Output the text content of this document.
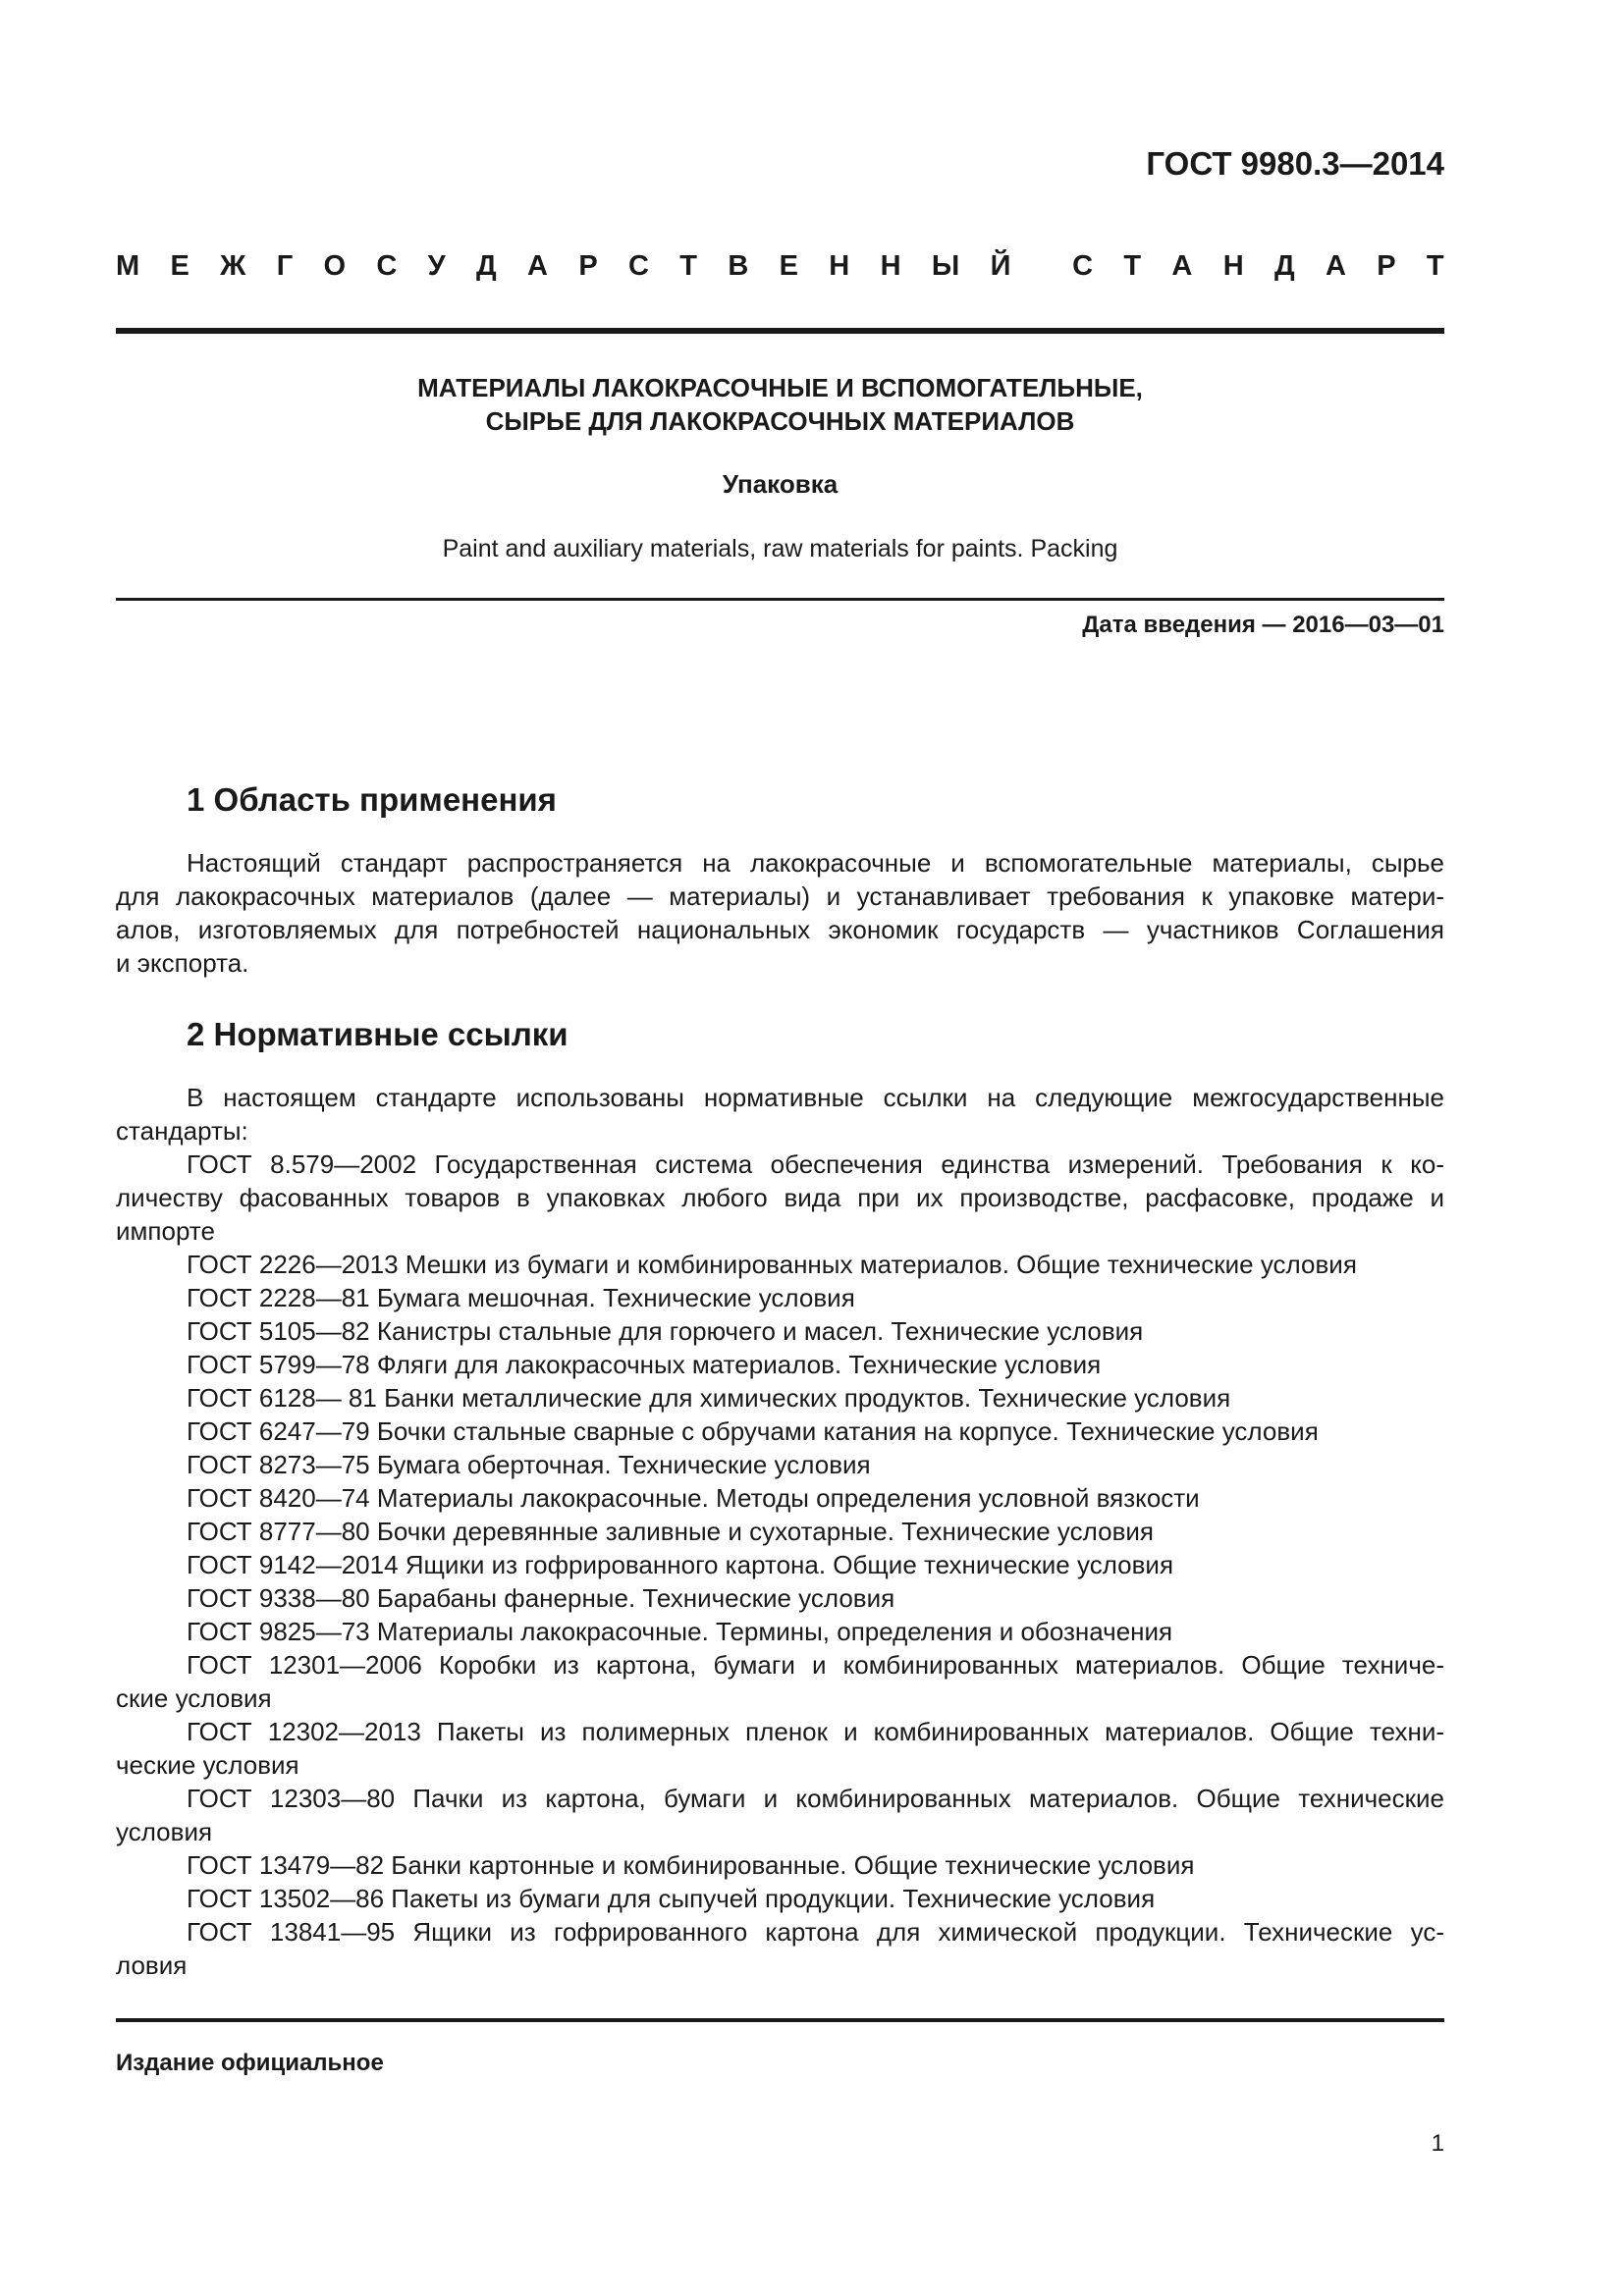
ГОСТ 9980.3—2014
М Е Ж Г О С У Д А Р С Т В Е Н Н Ы Й С Т А Н Д А Р Т
МАТЕРИАЛЫ ЛАКОКРАСОЧНЫЕ И ВСПОМОГАТЕЛЬНЫЕ,
СЫРЬЕ ДЛЯ ЛАКОКРАСОЧНЫХ МАТЕРИАЛОВ
Упаковка
Paint and auxiliary materials, raw materials for paints. Packing
Дата введения — 2016—03—01
1 Область применения
Настоящий стандарт распространяется на лакокрасочные и вспомогательные материалы, сырье
для лакокрасочных материалов (далее — материалы) и устанавливает требования к упаковке матери-
алов, изготовляемых для потребностей национальных экономик государств — участников Соглашения
и экспорта.
2 Нормативные ссылки
В настоящем стандарте использованы нормативные ссылки на следующие межгосударственные
стандарты:
ГОСТ 8.579—2002 Государственная система обеспечения единства измерений. Требования к ко-
личеству фасованных товаров в упаковках любого вида при их производстве, расфасовке, продаже и
импорте
ГОСТ 2226—2013 Мешки из бумаги и комбинированных материалов. Общие технические условия
ГОСТ 2228—81 Бумага мешочная. Технические условия
ГОСТ 5105—82 Канистры стальные для горючего и масел. Технические условия
ГОСТ 5799—78 Фляги для лакокрасочных материалов. Технические условия
ГОСТ 6128— 81 Банки металлические для химических продуктов. Технические условия
ГОСТ 6247—79 Бочки стальные сварные с обручами катания на корпусе. Технические условия
ГОСТ 8273—75 Бумага оберточная. Технические условия
ГОСТ 8420—74 Материалы лакокрасочные. Методы определения условной вязкости
ГОСТ 8777—80 Бочки деревянные заливные и сухотарные. Технические условия
ГОСТ 9142—2014 Ящики из гофрированного картона. Общие технические условия
ГОСТ 9338—80 Барабаны фанерные. Технические условия
ГОСТ 9825—73 Материалы лакокрасочные. Термины, определения и обозначения
ГОСТ 12301—2006 Коробки из картона, бумаги и комбинированных материалов. Общие техниче-
ские условия
ГОСТ 12302—2013 Пакеты из полимерных пленок и комбинированных материалов. Общие техни-
ческие условия
ГОСТ 12303—80 Пачки из картона, бумаги и комбинированных материалов. Общие технические
условия
ГОСТ 13479—82 Банки картонные и комбинированные. Общие технические условия
ГОСТ 13502—86 Пакеты из бумаги для сыпучей продукции. Технические условия
ГОСТ 13841—95 Ящики из гофрированного картона для химической продукции. Технические ус-
ловия
Издание официальное
1
